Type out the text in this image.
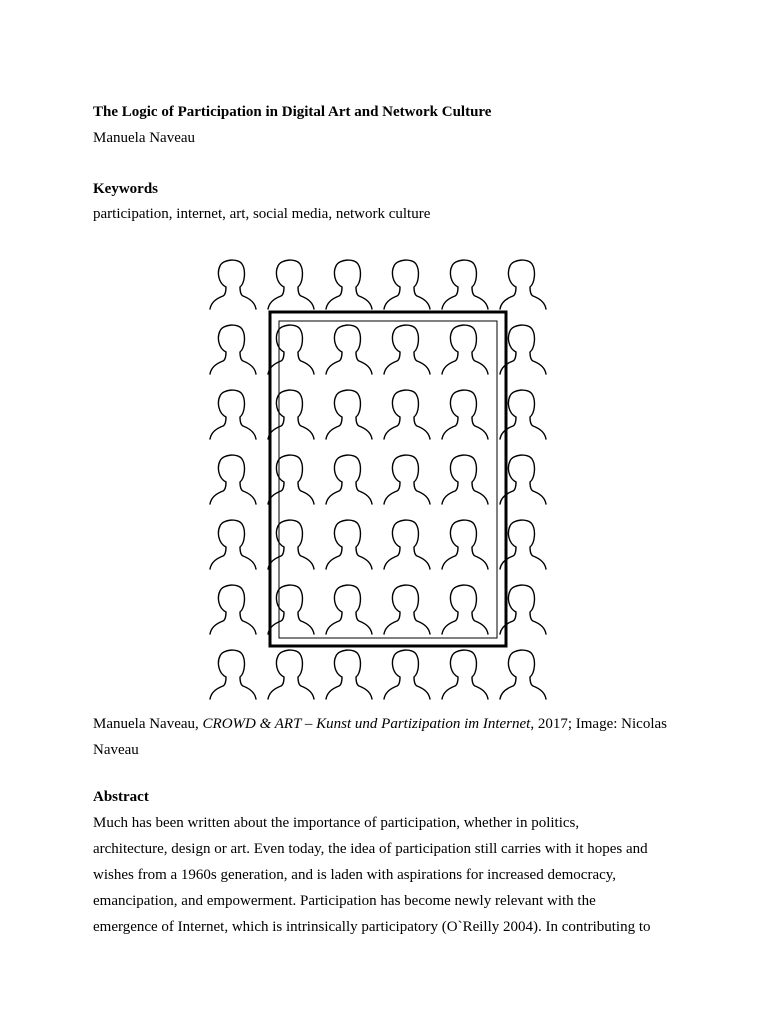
The Logic of Participation in Digital Art and Network Culture
Manuela Naveau
Keywords
participation, internet, art, social media, network culture
Manuela Naveau, CROWD & ART – Kunst und Partizipation im Internet, 2017; Image: Nicolas Naveau
Abstract
Much has been written about the importance of participation, whether in politics,
architecture, design or art. Even today, the idea of participation still carries with it hopes and
wishes from a 1960s generation, and is laden with aspirations for increased democracy,
emancipation, and empowerment. Participation has become newly relevant with the
emergence of Internet, which is intrinsically participatory (O`Reilly 2004). In contributing to
